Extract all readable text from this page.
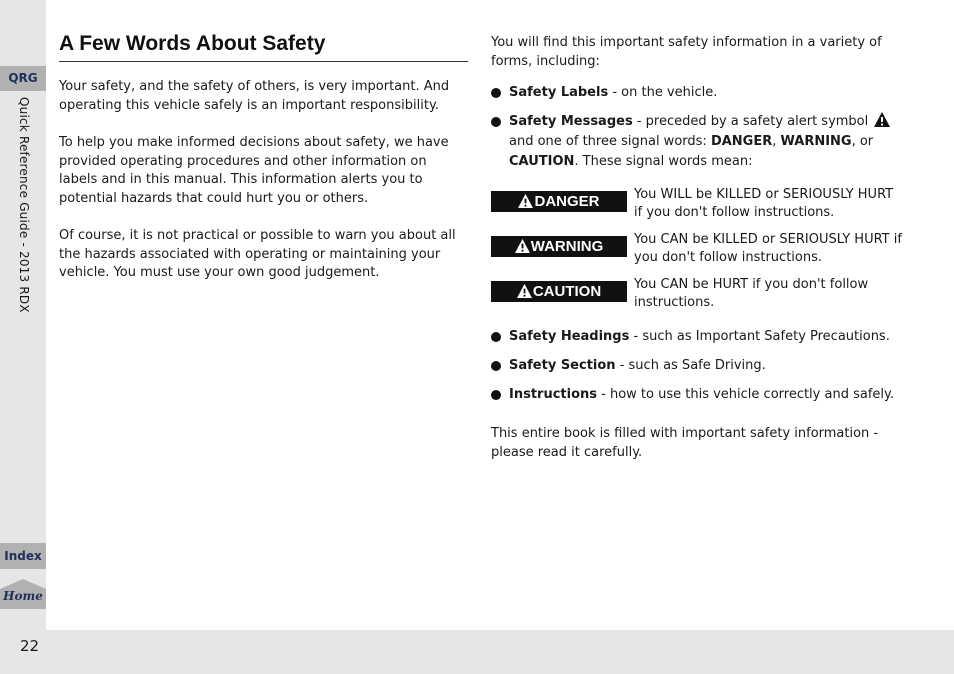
QRG
Quick Reference Guide - 2013 RDX
Index
Home
22
A Few Words About Safety

Your safety, and the safety of others, is very important. And operating this vehicle safely is an important responsibility.

To help you make informed decisions about safety, we have provided operating procedures and other information on labels and in this manual. This information alerts you to potential hazards that could hurt you or others.

Of course, it is not practical or possible to warn you about all the hazards associated with operating or maintaining your vehicle. You must use your own good judgement.

You will find this important safety information in a variety of forms, including:

Safety Labels - on the vehicle.
Safety Messages - preceded by a safety alert symbol  and one of three signal words: DANGER, WARNING, or CAUTION. These signal words mean:
DANGER	You WILL be KILLED or SERIOUSLY HURT if you don't follow instructions.
WARNING	You CAN be KILLED or SERIOUSLY HURT if you don't follow instructions.
CAUTION	You CAN be HURT if you don't follow instructions.
Safety Headings - such as Important Safety Precautions.
Safety Section - such as Safe Driving.
Instructions - how to use this vehicle correctly and safely.

This entire book is filled with important safety information - please read it carefully.
